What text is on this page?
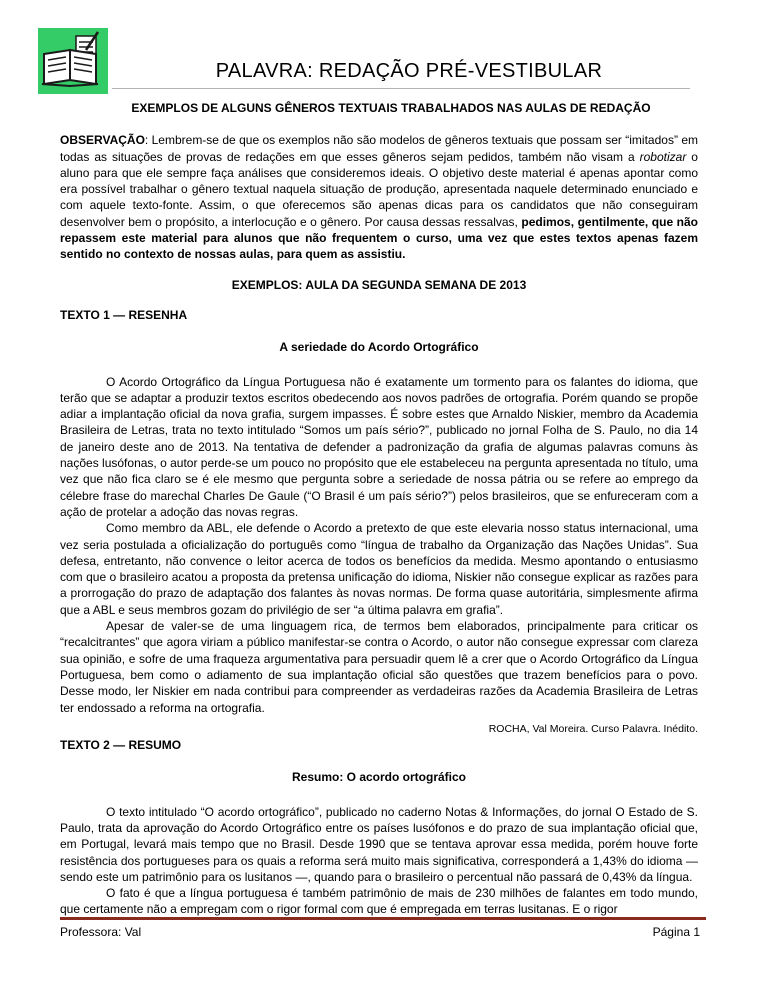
PALAVRA: REDAÇÃO PRÉ-VESTIBULAR

EXEMPLOS DE ALGUNS GÊNEROS TEXTUAIS TRABALHADOS NAS AULAS DE REDAÇÃO

OBSERVAÇÃO: Lembrem-se de que os exemplos não são modelos de gêneros textuais que possam ser “imitados” em todas as situações de provas de redações em que esses gêneros sejam pedidos, também não visam a robotizar o aluno para que ele sempre faça análises que consideremos ideais. O objetivo deste material é apenas apontar como era possível trabalhar o gênero textual naquela situação de produção, apresentada naquele determinado enunciado e com aquele texto-fonte. Assim, o que oferecemos são apenas dicas para os candidatos que não conseguiram desenvolver bem o propósito, a interlocução e o gênero. Por causa dessas ressalvas, pedimos, gentilmente, que não repassem este material para alunos que não frequentem o curso, uma vez que estes textos apenas fazem sentido no contexto de nossas aulas, para quem as assistiu.

EXEMPLOS: AULA DA SEGUNDA SEMANA DE 2013

TEXTO 1 — RESENHA

A seriedade do Acordo Ortográfico

O Acordo Ortográfico da Língua Portuguesa não é exatamente um tormento para os falantes do idioma, que terão que se adaptar a produzir textos escritos obedecendo aos novos padrões de ortografia. Porém quando se propõe adiar a implantação oficial da nova grafia, surgem impasses. É sobre estes que Arnaldo Niskier, membro da Academia Brasileira de Letras, trata no texto intitulado “Somos um país sério?”, publicado no jornal Folha de S. Paulo, no dia 14 de janeiro deste ano de 2013. Na tentativa de defender a padronização da grafia de algumas palavras comuns às nações lusófonas, o autor perde-se um pouco no propósito que ele estabeleceu na pergunta apresentada no título, uma vez que não fica claro se é ele mesmo que pergunta sobre a seriedade de nossa pátria ou se refere ao emprego da célebre frase do marechal Charles De Gaule (“O Brasil é um país sério?”) pelos brasileiros, que se enfureceram com a ação de protelar a adoção das novas regras.

Como membro da ABL, ele defende o Acordo a pretexto de que este elevaria nosso status internacional, uma vez seria postulada a oficialização do português como “língua de trabalho da Organização das Nações Unidas”. Sua defesa, entretanto, não convence o leitor acerca de todos os benefícios da medida. Mesmo apontando o entusiasmo com que o brasileiro acatou a proposta da pretensa unificação do idioma, Niskier não consegue explicar as razões para a prorrogação do prazo de adaptação dos falantes às novas normas. De forma quase autoritária, simplesmente afirma que a ABL e seus membros gozam do privilégio de ser “a última palavra em grafia”.

Apesar de valer-se de uma linguagem rica, de termos bem elaborados, principalmente para criticar os “recalcitrantes” que agora viriam a público manifestar-se contra o Acordo, o autor não consegue expressar com clareza sua opinião, e sofre de uma fraqueza argumentativa para persuadir quem lê a crer que o Acordo Ortográfico da Língua Portuguesa, bem como o adiamento de sua implantação oficial são questões que trazem benefícios para o povo. Desse modo, ler Niskier em nada contribui para compreender as verdadeiras razões da Academia Brasileira de Letras ter endossado a reforma na ortografia.

ROCHA, Val Moreira. Curso Palavra. Inédito.

TEXTO 2 — RESUMO

Resumo: O acordo ortográfico

O texto intitulado “O acordo ortográfico”, publicado no caderno Notas & Informações, do jornal O Estado de S. Paulo, trata da aprovação do Acordo Ortográfico entre os países lusófonos e do prazo de sua implantação oficial que, em Portugal, levará mais tempo que no Brasil. Desde 1990 que se tentava aprovar essa medida, porém houve forte resistência dos portugueses para os quais a reforma será muito mais significativa, corresponderá a 1,43% do idioma — sendo este um patrimônio para os lusitanos —, quando para o brasileiro o percentual não passará de 0,43% da língua.

O fato é que a língua portuguesa é também patrimônio de mais de 230 milhões de falantes em todo mundo, que certamente não a empregam com o rigor formal com que é empregada em terras lusitanas. E o rigor

Professora: Val	Página 1
